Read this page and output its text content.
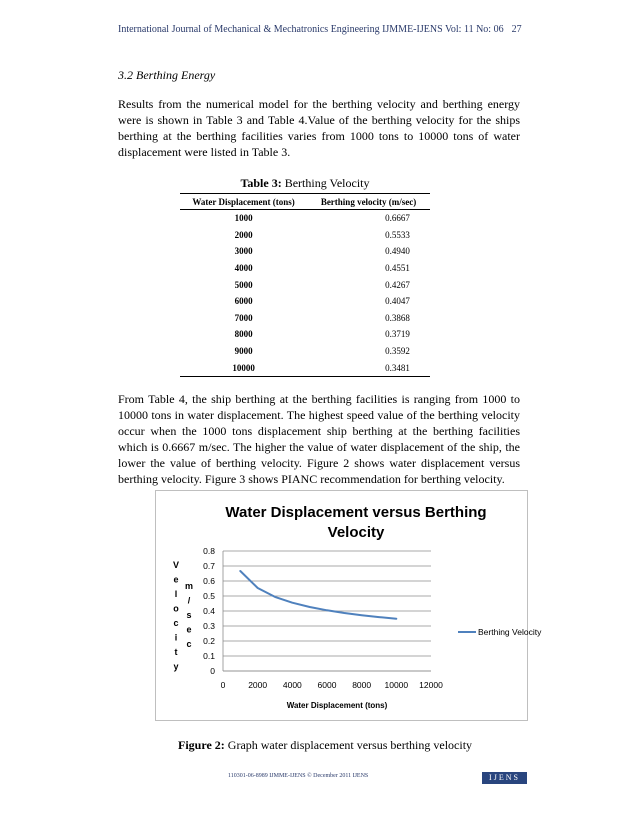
International Journal of Mechanical & Mechatronics Engineering IJMME-IJENS Vol: 11 No: 06 27
3.2 Berthing Energy
Results from the numerical model for the berthing velocity and berthing energy were is shown in Table 3 and Table 4.Value of the berthing velocity for the ships berthing at the berthing facilities varies from 1000 tons to 10000 tons of water displacement were listed in Table 3.
Table 3: Berthing Velocity
Water Displacement (tons)	Berthing velocity (m/sec)
1000	0.6667
2000	0.5533
3000	0.4940
4000	0.4551
5000	0.4267
6000	0.4047
7000	0.3868
8000	0.3719
9000	0.3592
10000	0.3481
From Table 4, the ship berthing at the berthing facilities is ranging from 1000 to 10000 tons in water displacement. The highest speed value of the berthing velocity occur when the 1000 tons displacement ship berthing at the berthing facilities which is 0.6667 m/sec. The higher the value of water displacement of the ship, the lower the value of berthing velocity. Figure 2 shows water displacement versus berthing velocity. Figure 3 shows PIANC recommendation for berthing velocity.
Water Displacement versus Berthing
Velocity
0
0.1
0.2
0.3
0.4
0.5
0.6
0.7
0.8
0	2000 4000 6000 8000 10000 12000
Water Displacement (tons)
V
e
l
o
c
i
t
y
m
/
s
e
c
Berthing Velocity
Figure 2: Graph water displacement versus berthing velocity
110301-06-8989 IJMME-IJENS © December 2011 IJENS	IJENS
